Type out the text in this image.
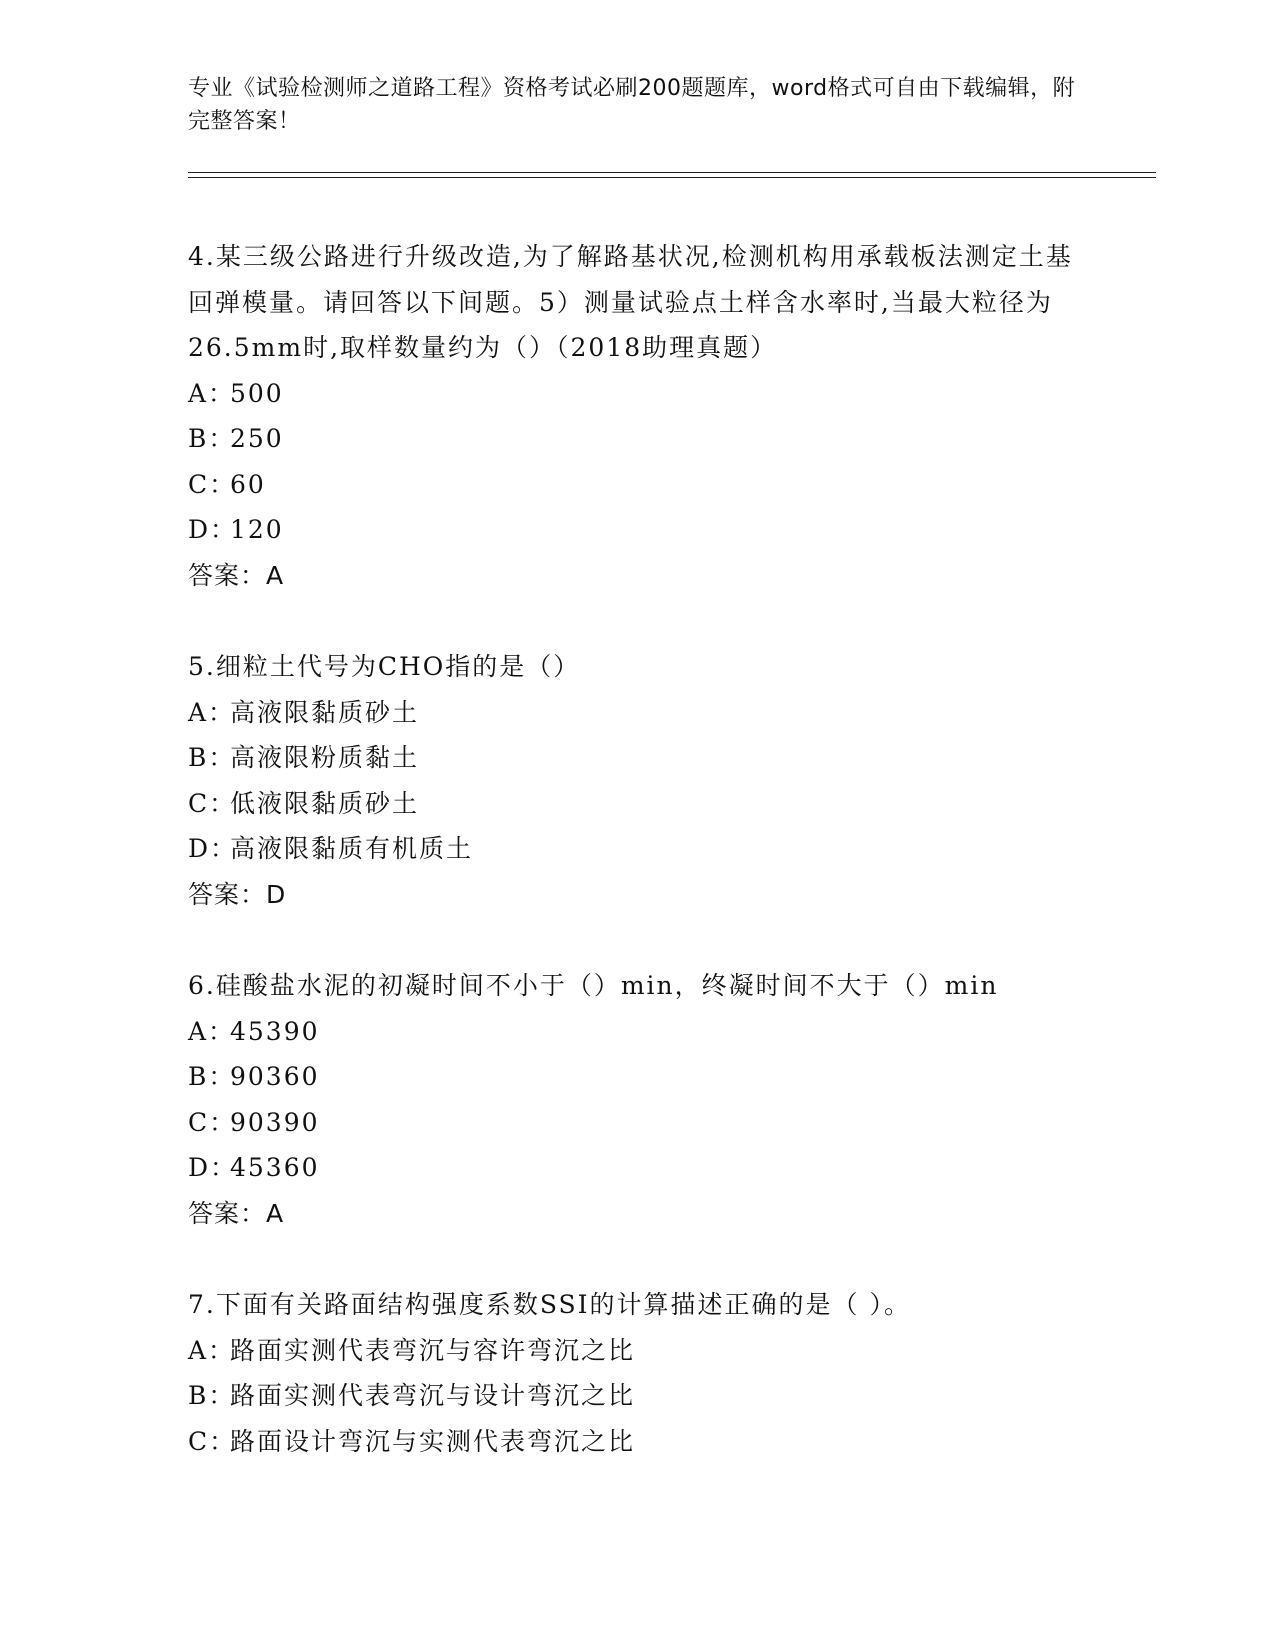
专业《试验检测师之道路工程》资格考试必刷200题题库，word格式可自由下载编辑，附完整答案！
4.某三级公路进行升级改造,为了解路基状况,检测机构用承载板法测定土基回弹模量。请回答以下间题。5）测量试验点土样含水率时,当最大粒径为26.5mm时,取样数量约为（）（2018助理真题）
A：500
B：250
C：60
D：120
答案：A
5.细粒土代号为CHO指的是（）
A：高液限黏质砂土
B：高液限粉质黏土
C：低液限黏质砂土
D：高液限黏质有机质土
答案：D
6.硅酸盐水泥的初凝时间不小于（）min，终凝时间不大于（）min
A：45390
B：90360
C：90390
D：45360
答案：A
7.下面有关路面结构强度系数SSI的计算描述正确的是（ ）。
A：路面实测代表弯沉与容许弯沉之比
B：路面实测代表弯沉与设计弯沉之比
C：路面设计弯沉与实测代表弯沉之比
